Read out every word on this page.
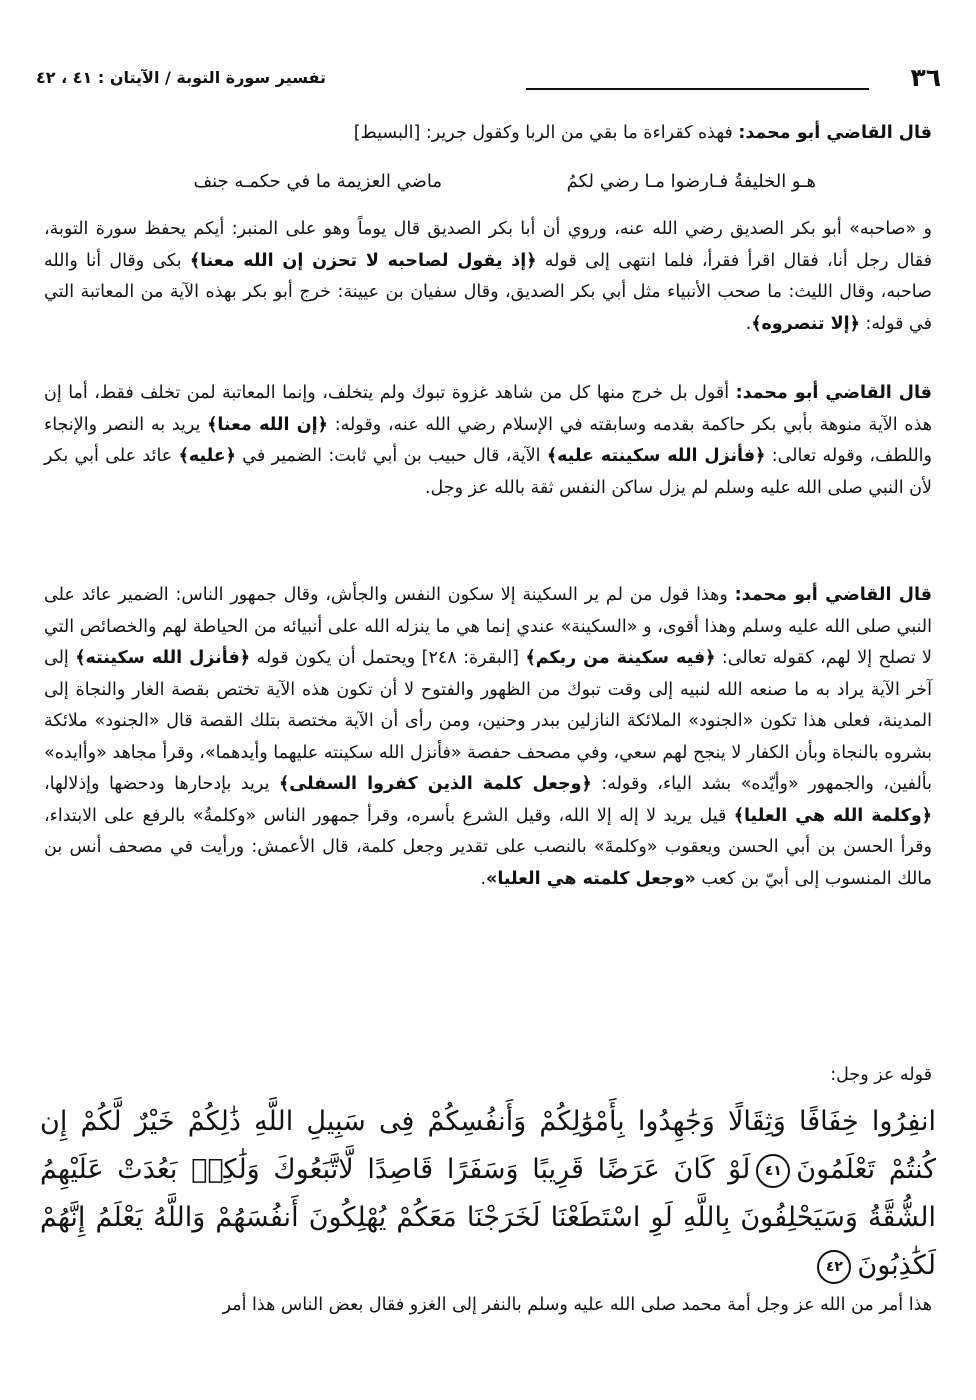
٣٦
تفسير سورة التوبة / الآيتان : ٤١ ، ٤٢

قال القاضي أبو محمد: فهذه كقراءة ما بقي من الربا وكقول جرير: [البسيط]

هـو الخليفةُ فـارضوا مـا رضي لكمُ
ماضي العزيمة ما في حكمـه جنف

و «صاحبه» أبو بكر الصديق رضي الله عنه، وروي أن أبا بكر الصديق قال يوماً وهو على المنبر: أيكم يحفظ سورة التوبة، فقال رجل أنا، فقال اقرأ فقرأ، فلما انتهى إلى قوله ﴿إذ يقول لصاحبه لا تحزن إن الله معنا﴾ بكى وقال أنا والله صاحبه، وقال الليث: ما صحب الأنبياء مثل أبي بكر الصديق، وقال سفيان بن عيينة: خرج أبو بكر بهذه الآية من المعاتبة التي في قوله: ﴿إلا تنصروه﴾.

قال القاضي أبو محمد: أقول بل خرج منها كل من شاهد غزوة تبوك ولم يتخلف، وإنما المعاتبة لمن تخلف فقط، أما إن هذه الآية منوهة بأبي بكر حاكمة بقدمه وسابقته في الإسلام رضي الله عنه، وقوله: ﴿إن الله معنا﴾ يريد به النصر والإنجاء واللطف، وقوله تعالى: ﴿فأنزل الله سكينته عليه﴾ الآية، قال حبيب بن أبي ثابت: الضمير في ﴿عليه﴾ عائد على أبي بكر لأن النبي صلى الله عليه وسلم لم يزل ساكن النفس ثقة بالله عز وجل.

قال القاضي أبو محمد: وهذا قول من لم ير السكينة إلا سكون النفس والجأش، وقال جمهور الناس: الضمير عائد على النبي صلى الله عليه وسلم وهذا أقوى، و «السكينة» عندي إنما هي ما ينزله الله على أنبيائه من الحياطة لهم والخصائص التي لا تصلح إلا لهم، كقوله تعالى: ﴿فيه سكينة من ربكم﴾ [البقرة: ٢٤٨] ويحتمل أن يكون قوله ﴿فأنزل الله سكينته﴾ إلى آخر الآية يراد به ما صنعه الله لنبيه إلى وقت تبوك من الظهور والفتوح لا أن تكون هذه الآية تختص بقصة الغار والنجاة إلى المدينة، فعلى هذا تكون «الجنود» الملائكة النازلين ببدر وحنين، ومن رأى أن الآية مختصة بتلك القصة قال «الجنود» ملائكة بشروه بالنجاة وبأن الكفار لا ينجح لهم سعي، وفي مصحف حفصة «فأنزل الله سكينته عليهما وأيدهما»، وقرأ مجاهد «وأايده» بألفين، والجمهور «وأيّده» بشد الياء، وقوله: ﴿وجعل كلمة الذين كفروا السفلى﴾ يريد بإدحارها ودحضها وإذلالها، ﴿وكلمة الله هي العليا﴾ قيل يريد لا إله إلا الله، وقيل الشرع بأسره، وقرأ جمهور الناس «وكلمةُ» بالرفع على الابتداء، وقرأ الحسن بن أبي الحسن ويعقوب «وكلمةَ» بالنصب على تقدير وجعل كلمة، قال الأعمش: ورأيت في مصحف أنس بن مالك المنسوب إلى أبيّ بن كعب «وجعل كلمته هي العليا».

قوله عز وجل:

انفِرُوا خِفَافًا وَثِقَالًا وَجَٰهِدُوا بِأَمْوَٰلِكُمْ وَأَنفُسِكُمْ فِى سَبِيلِ اللَّهِ ذَٰلِكُمْ خَيْرٌ لَّكُمْ إِن كُنتُمْ تَعْلَمُونَ٤١لَوْ كَانَ عَرَضًا قَرِيبًا وَسَفَرًا قَاصِدًا لَّاتَّبَعُوكَ وَلَٰكِنۢ بَعُدَتْ عَلَيْهِمُ الشُّقَّةُ وَسَيَحْلِفُونَ بِاللَّهِ لَوِ اسْتَطَعْنَا لَخَرَجْنَا مَعَكُمْ يُهْلِكُونَ أَنفُسَهُمْ وَاللَّهُ يَعْلَمُ إِنَّهُمْ لَكَٰذِبُونَ٤٢

هذا أمر من الله عز وجل أمة محمد صلى الله عليه وسلم بالنفر إلى الغزو فقال بعض الناس هذا أمر
